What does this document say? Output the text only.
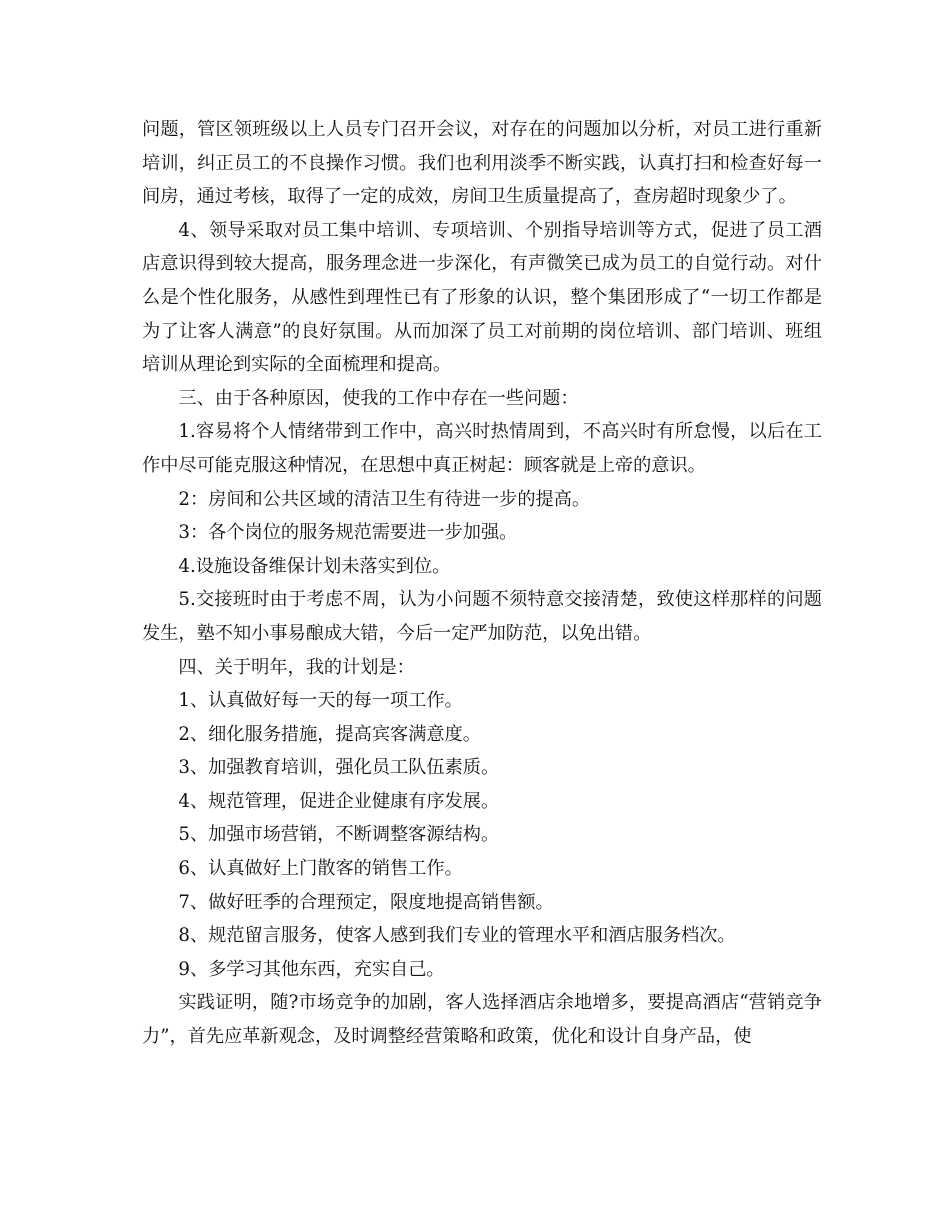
问题，管区领班级以上人员专门召开会议，对存在的问题加以分析，对员工进行重新培训，纠正员工的不良操作习惯。我们也利用淡季不断实践，认真打扫和检查好每一间房，通过考核，取得了一定的成效，房间卫生质量提高了，查房超时现象少了。

4、领导采取对员工集中培训、专项培训、个别指导培训等方式，促进了员工酒店意识得到较大提高，服务理念进一步深化，有声微笑已成为员工的自觉行动。对什么是个性化服务，从感性到理性已有了形象的认识，整个集团形成了“一切工作都是为了让客人满意”的良好氛围。从而加深了员工对前期的岗位培训、部门培训、班组培训从理论到实际的全面梳理和提高。

三、由于各种原因，使我的工作中存在一些问题：

1.容易将个人情绪带到工作中，高兴时热情周到，不高兴时有所怠慢，以后在工作中尽可能克服这种情况，在思想中真正树起：顾客就是上帝的意识。

2：房间和公共区域的清洁卫生有待进一步的提高。

3：各个岗位的服务规范需要进一步加强。

4.设施设备维保计划未落实到位。

5.交接班时由于考虑不周，认为小问题不须特意交接清楚，致使这样那样的问题发生，塾不知小事易酿成大错，今后一定严加防范，以免出错。

四、关于明年，我的计划是：

1、认真做好每一天的每一项工作。

2、细化服务措施，提高宾客满意度。

3、加强教育培训，强化员工队伍素质。

4、规范管理，促进企业健康有序发展。

5、加强市场营销，不断调整客源结构。

6、认真做好上门散客的销售工作。

7、做好旺季的合理预定，限度地提高销售额。

8、规范留言服务，使客人感到我们专业的管理水平和酒店服务档次。

9、多学习其他东西，充实自己。

实践证明，随?市场竞争的加剧，客人选择酒店余地增多，要提高酒店“营销竞争力”，首先应革新观念，及时调整经营策略和政策，优化和设计自身产品，使
